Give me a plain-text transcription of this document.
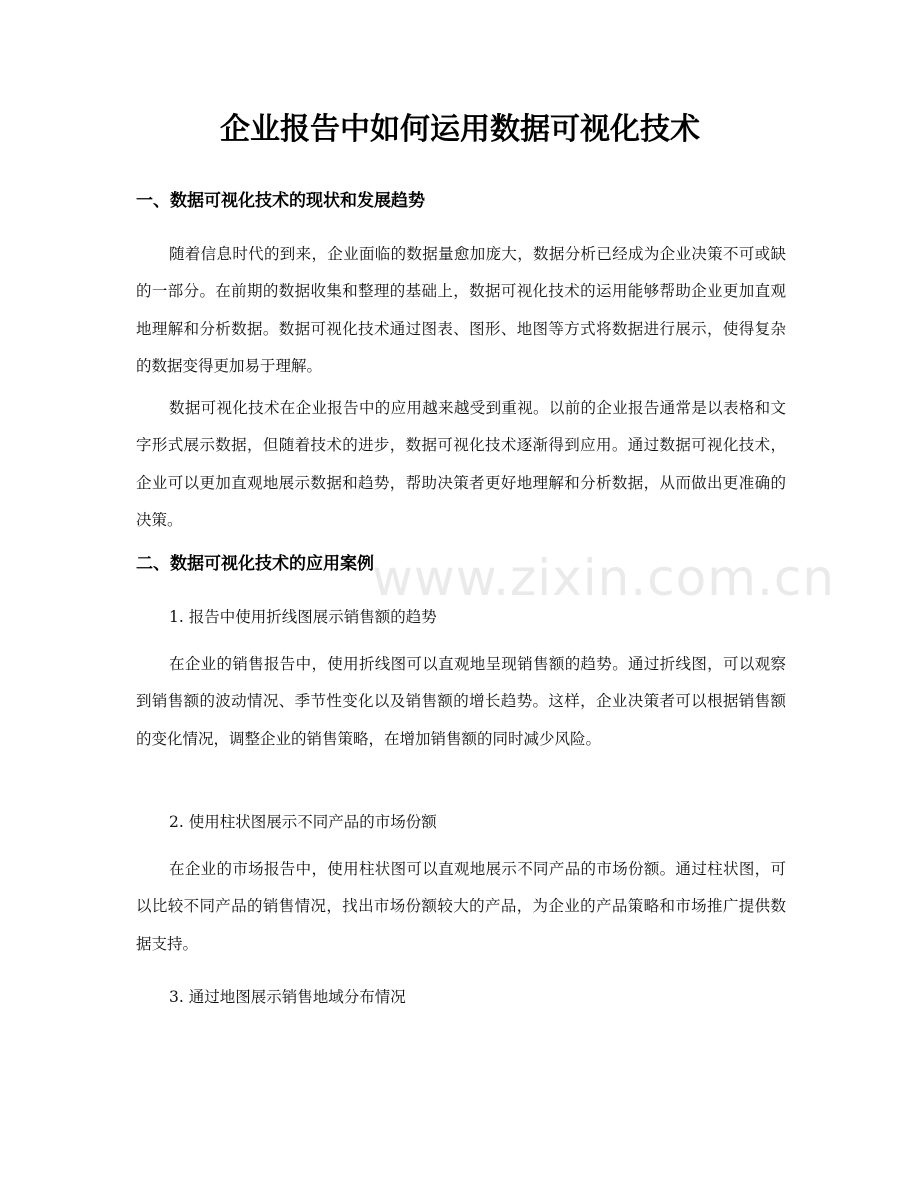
企业报告中如何运用数据可视化技术
一、数据可视化技术的现状和发展趋势

随着信息时代的到来，企业面临的数据量愈加庞大，数据分析已经成为企业决策不可或缺的一部分。在前期的数据收集和整理的基础上，数据可视化技术的运用能够帮助企业更加直观地理解和分析数据。数据可视化技术通过图表、图形、地图等方式将数据进行展示，使得复杂的数据变得更加易于理解。

数据可视化技术在企业报告中的应用越来越受到重视。以前的企业报告通常是以表格和文字形式展示数据，但随着技术的进步，数据可视化技术逐渐得到应用。通过数据可视化技术，企业可以更加直观地展示数据和趋势，帮助决策者更好地理解和分析数据，从而做出更准确的决策。

二、数据可视化技术的应用案例

1. 报告中使用折线图展示销售额的趋势

在企业的销售报告中，使用折线图可以直观地呈现销售额的趋势。通过折线图，可以观察到销售额的波动情况、季节性变化以及销售额的增长趋势。这样，企业决策者可以根据销售额的变化情况，调整企业的销售策略，在增加销售额的同时减少风险。

2. 使用柱状图展示不同产品的市场份额

在企业的市场报告中，使用柱状图可以直观地展示不同产品的市场份额。通过柱状图，可以比较不同产品的销售情况，找出市场份额较大的产品，为企业的产品策略和市场推广提供数据支持。

3. 通过地图展示销售地域分布情况

www.zixin.com.cn
